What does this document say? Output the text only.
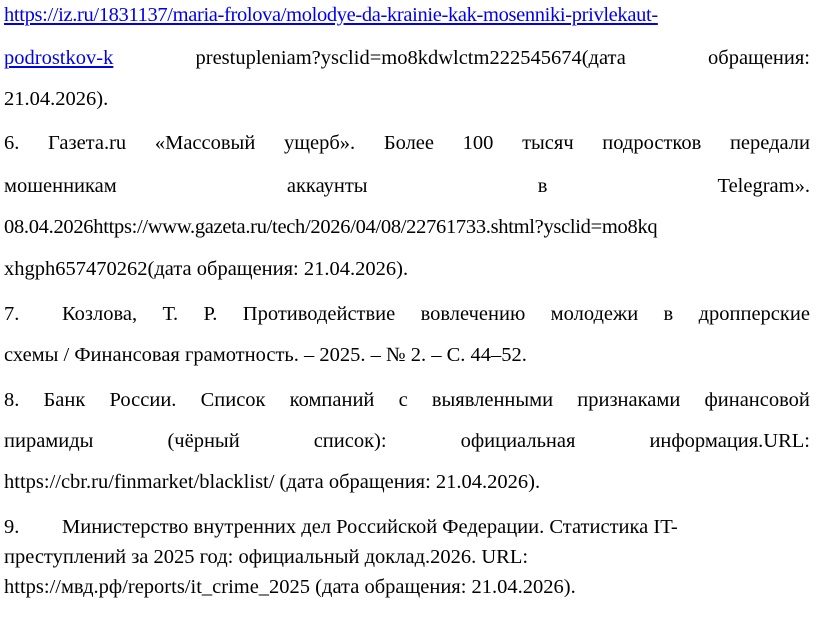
https://iz.ru/1831137/maria-frolova/molodye-da-krainie-kak-mosenniki-privlekaut-
podrostkov-k	prestupleniam?ysclid=mo8kdwlctm222545674(дата	обращения:
21.04.2026).
6. Газета.ru «Массовый ущерб». Более 100 тысяч подростков передали
мошенникам	аккаунты	в	Telegram».
08.04.2026https://www.gazeta.ru/tech/2026/04/08/22761733.shtml?ysclid=mo8kq
xhgph657470262(дата обращения: 21.04.2026).
7.	Козлова, Т. Р. Противодействие вовлечению молодежи в дропперские
схемы / Финансовая грамотность. – 2025. – № 2. – С. 44–52.
8. Банк России. Список компаний с выявленными признаками финансовой
пирамиды	(чёрный	список):	официальная	информация.URL:
https://cbr.ru/finmarket/blacklist/ (дата обращения: 21.04.2026).
9.	Министерство внутренних дел Российской Федерации. Статистика IT-
преступлений за 2025 год: официальный доклад.2026. URL:
https://мвд.рф/reports/it_crime_2025 (дата обращения: 21.04.2026).
